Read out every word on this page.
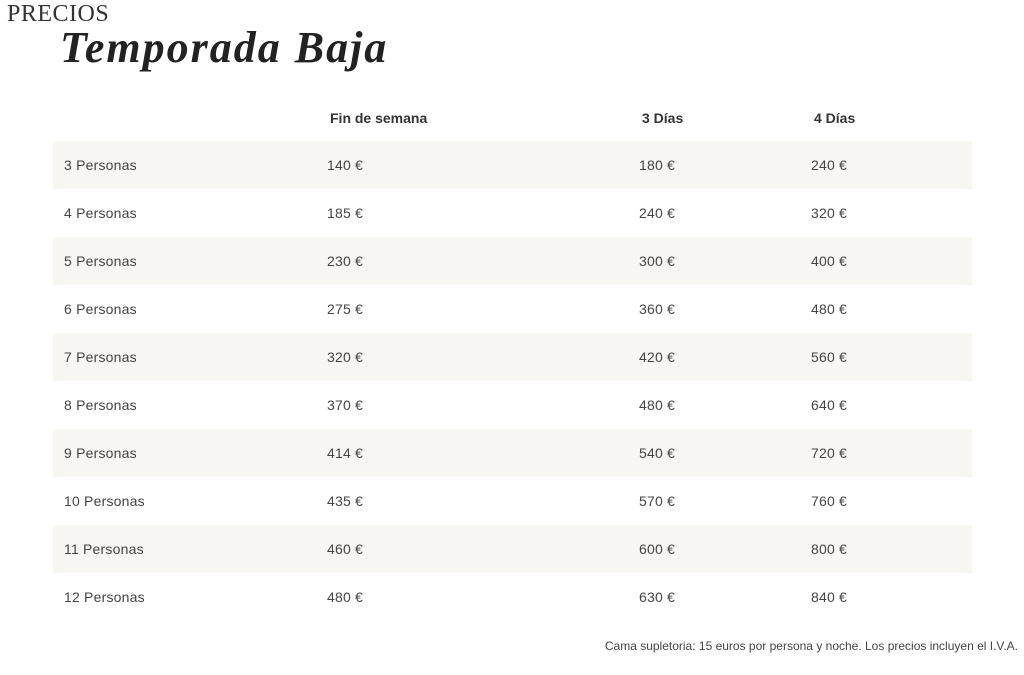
PRECIOS
Temporada Baja
	Fin de semana	3 Días	4 Días
3 Personas	140 €	180 €	240 €
4 Personas	185 €	240 €	320 €
5 Personas	230 €	300 €	400 €
6 Personas	275 €	360 €	480 €
7 Personas	320 €	420 €	560 €
8 Personas	370 €	480 €	640 €
9 Personas	414 €	540 €	720 €
10 Personas	435 €	570 €	760 €
11 Personas	460 €	600 €	800 €
12 Personas	480 €	630 €	840 €
Cama supletoria: 15 euros por persona y noche. Los precios incluyen el I.V.A.
